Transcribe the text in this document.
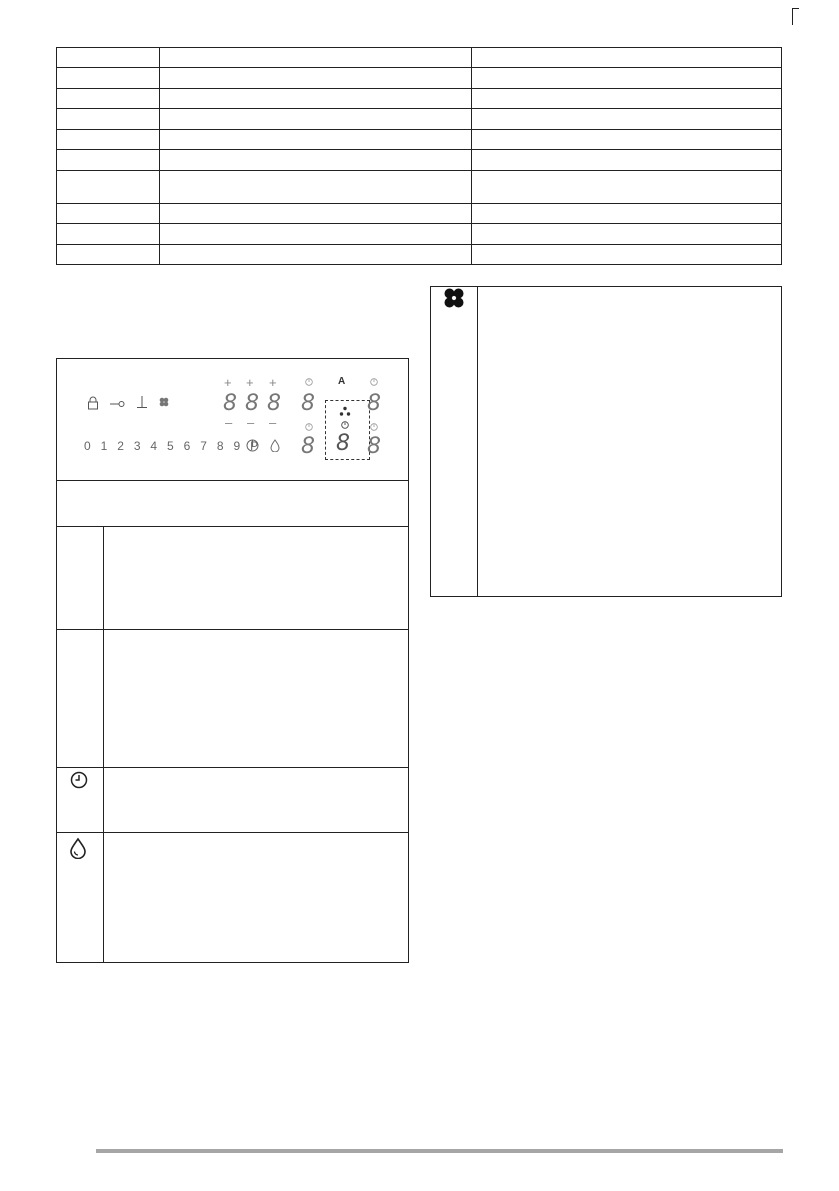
+ + +
8 8 8
– – –
0 1 2 3 4 5 6 7 8 9 P
8
8
A
8
8
8
